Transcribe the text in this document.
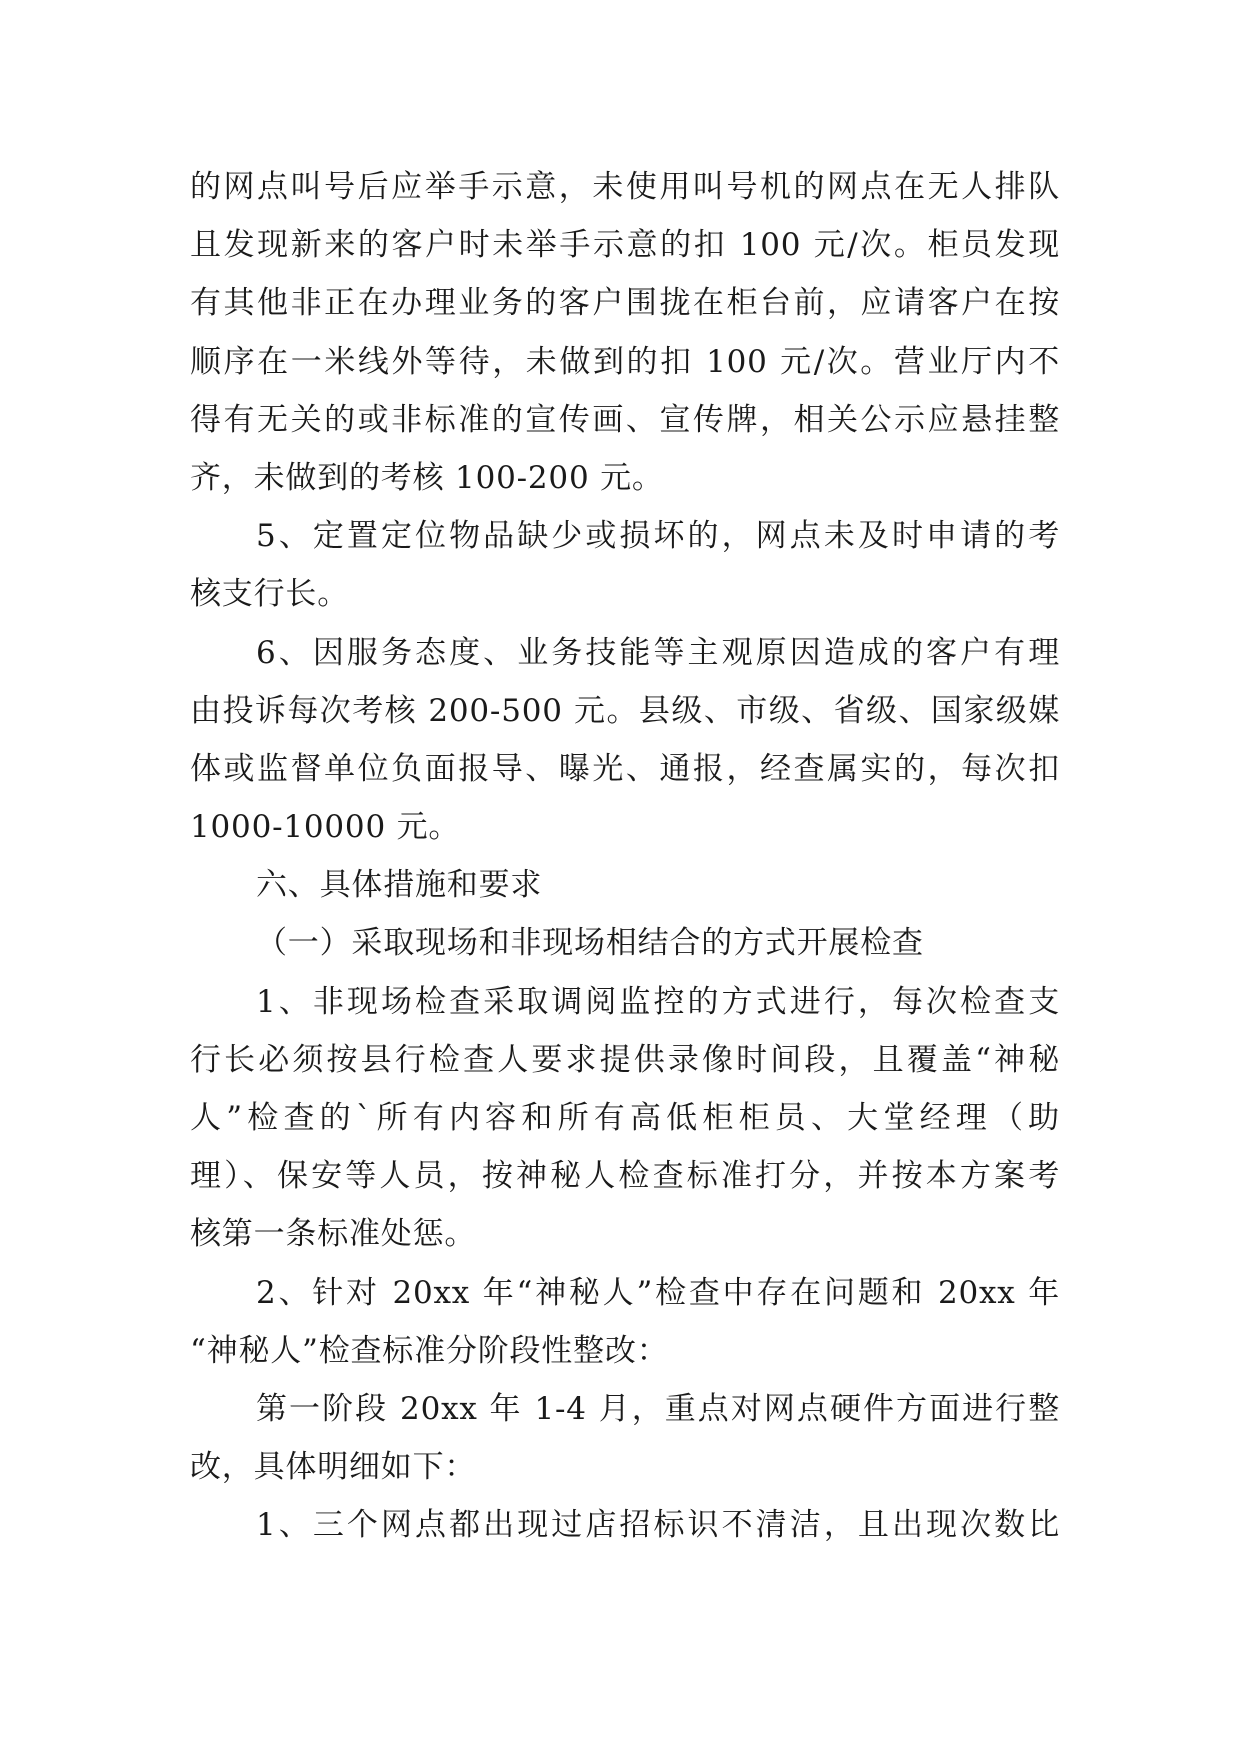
的网点叫号后应举手示意，未使用叫号机的网点在无人排队
且发现新来的客户时未举手示意的扣 100 元/次。柜员发现
有其他非正在办理业务的客户围拢在柜台前，应请客户在按
顺序在一米线外等待，未做到的扣 100 元/次。营业厅内不
得有无关的或非标准的宣传画、宣传牌，相关公示应悬挂整
齐，未做到的考核 100-200 元。
5、定置定位物品缺少或损坏的，网点未及时申请的考
核支行长。
6、因服务态度、业务技能等主观原因造成的客户有理
由投诉每次考核 200-500 元。县级、市级、省级、国家级媒
体或监督单位负面报导、曝光、通报，经查属实的，每次扣
1000-10000 元。
六、具体措施和要求
（一）采取现场和非现场相结合的方式开展检查
1、非现场检查采取调阅监控的方式进行，每次检查支
行长必须按县行检查人要求提供录像时间段，且覆盖“神秘
人”检查的`所有内容和所有高低柜柜员、大堂经理（助
理）、保安等人员，按神秘人检查标准打分，并按本方案考
核第一条标准处惩。
2、针对 20xx 年“神秘人”检查中存在问题和 20xx 年
“神秘人”检查标准分阶段性整改：
第一阶段 20xx 年 1-4 月，重点对网点硬件方面进行整
改，具体明细如下：
1、三个网点都出现过店招标识不清洁，且出现次数比
